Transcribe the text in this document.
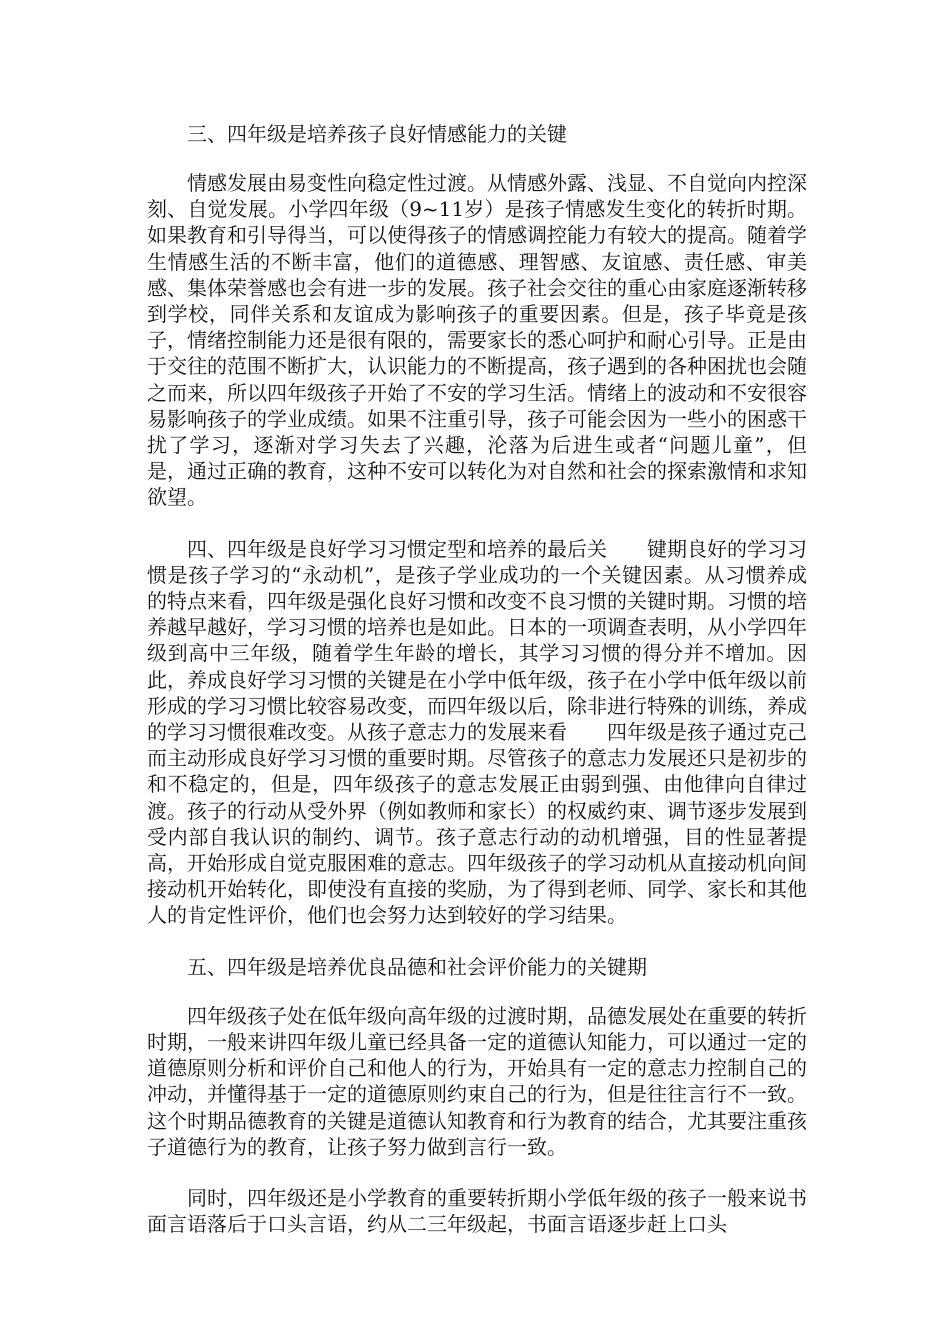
三、四年级是培养孩子良好情感能力的关键

情感发展由易变性向稳定性过渡。从情感外露、浅显、不自觉向内控深刻、自觉发展。小学四年级（9~11岁）是孩子情感发生变化的转折时期。如果教育和引导得当，可以使得孩子的情感调控能力有较大的提高。随着学生情感生活的不断丰富，他们的道德感、理智感、友谊感、责任感、审美感、集体荣誉感也会有进一步的发展。孩子社会交往的重心由家庭逐渐转移到学校，同伴关系和友谊成为影响孩子的重要因素。但是，孩子毕竟是孩子，情绪控制能力还是很有限的，需要家长的悉心呵护和耐心引导。正是由于交往的范围不断扩大，认识能力的不断提高，孩子遇到的各种困扰也会随之而来，所以四年级孩子开始了不安的学习生活。情绪上的波动和不安很容易影响孩子的学业成绩。如果不注重引导，孩子可能会因为一些小的困惑干扰了学习，逐渐对学习失去了兴趣，沦落为后进生或者“问题儿童”，但是，通过正确的教育，这种不安可以转化为对自然和社会的探索激情和求知欲望。

四、四年级是良好学习习惯定型和培养的最后关　　键期良好的学习习惯是孩子学习的“永动机”，是孩子学业成功的一个关键因素。从习惯养成的特点来看，四年级是强化良好习惯和改变不良习惯的关键时期。习惯的培养越早越好，学习习惯的培养也是如此。日本的一项调查表明，从小学四年级到高中三年级，随着学生年龄的增长，其学习习惯的得分并不增加。因此，养成良好学习习惯的关键是在小学中低年级，孩子在小学中低年级以前形成的学习习惯比较容易改变，而四年级以后，除非进行特殊的训练，养成的学习习惯很难改变。从孩子意志力的发展来看　　四年级是孩子通过克己而主动形成良好学习习惯的重要时期。尽管孩子的意志力发展还只是初步的和不稳定的，但是，四年级孩子的意志发展正由弱到强、由他律向自律过渡。孩子的行动从受外界（例如教师和家长）的权威约束、调节逐步发展到受内部自我认识的制约、调节。孩子意志行动的动机增强，目的性显著提高，开始形成自觉克服困难的意志。四年级孩子的学习动机从直接动机向间接动机开始转化，即使没有直接的奖励，为了得到老师、同学、家长和其他人的肯定性评价，他们也会努力达到较好的学习结果。

五、四年级是培养优良品德和社会评价能力的关键期

四年级孩子处在低年级向高年级的过渡时期，品德发展处在重要的转折时期，一般来讲四年级儿童已经具备一定的道德认知能力，可以通过一定的道德原则分析和评价自己和他人的行为，开始具有一定的意志力控制自己的冲动，并懂得基于一定的道德原则约束自己的行为，但是往往言行不一致。这个时期品德教育的关键是道德认知教育和行为教育的结合，尤其要注重孩子道德行为的教育，让孩子努力做到言行一致。

同时，四年级还是小学教育的重要转折期小学低年级的孩子一般来说书面言语落后于口头言语，约从二三年级起，书面言语逐步赶上口头
